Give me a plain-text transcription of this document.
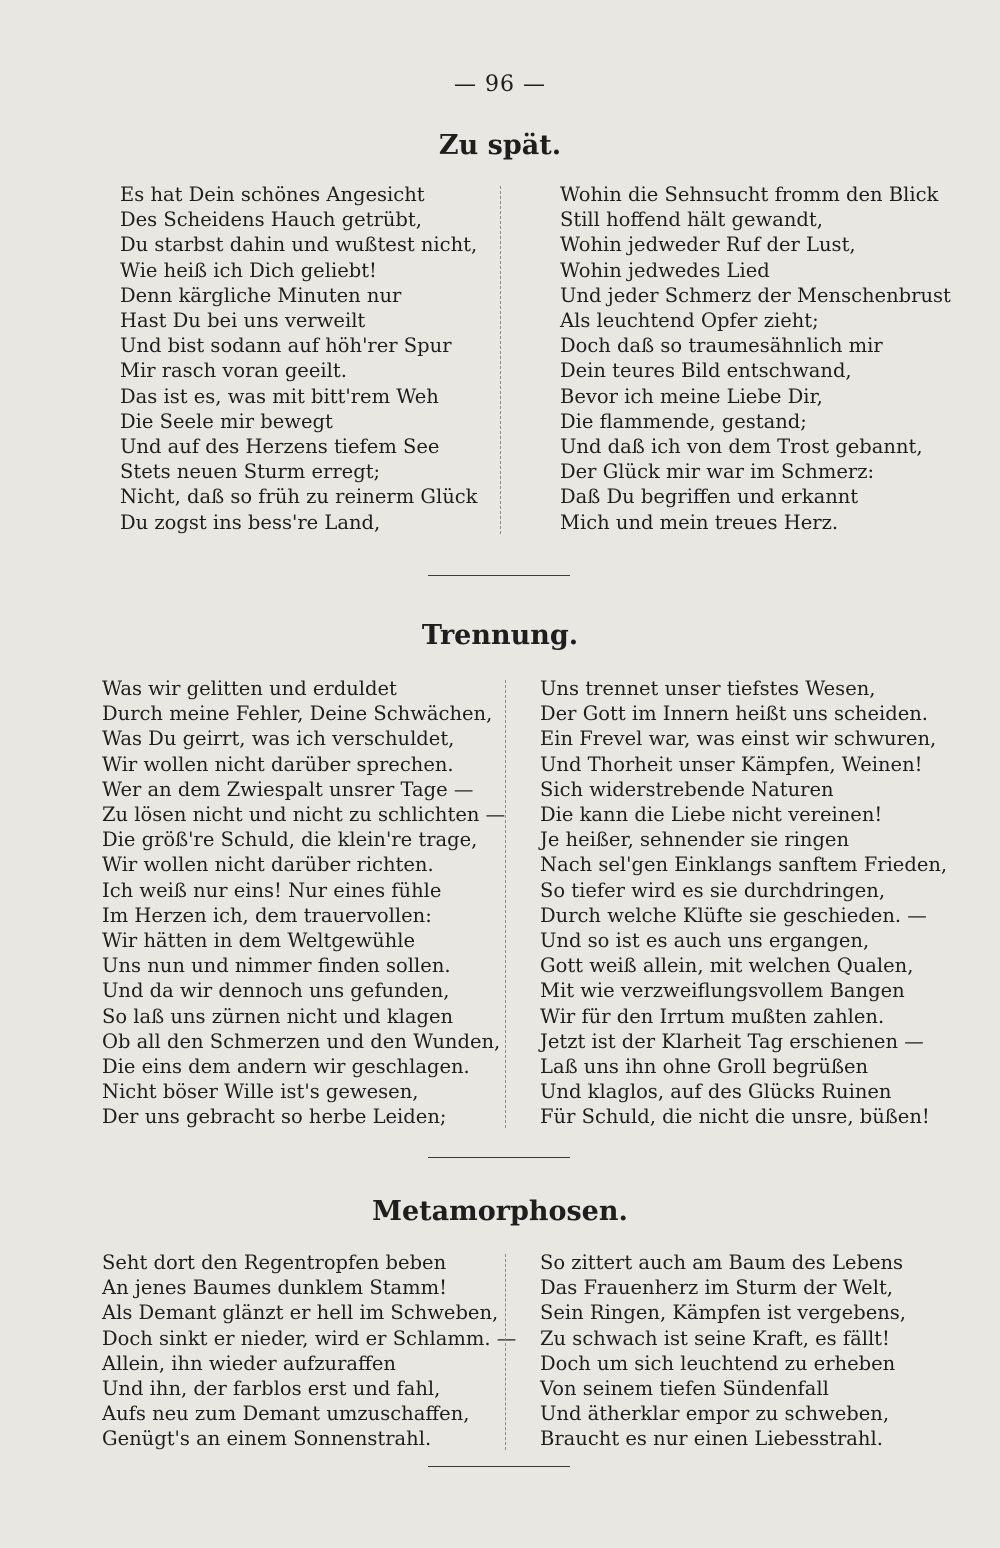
— 96 —
Zu spät.
Es hat Dein schönes Angesicht
Des Scheidens Hauch getrübt,
Du starbst dahin und wußtest nicht,
Wie heiß ich Dich geliebt!
Denn kärgliche Minuten nur
Hast Du bei uns verweilt
Und bist sodann auf höh'rer Spur
Mir rasch voran geeilt.
Das ist es, was mit bitt'rem Weh
Die Seele mir bewegt
Und auf des Herzens tiefem See
Stets neuen Sturm erregt;
Nicht, daß so früh zu reinerm Glück
Du zogst ins bess're Land,
Wohin die Sehnsucht fromm den Blick
Still hoffend hält gewandt,
Wohin jedweder Ruf der Lust,
Wohin jedwedes Lied
Und jeder Schmerz der Menschenbrust
Als leuchtend Opfer zieht;
Doch daß so traumesähnlich mir
Dein teures Bild entschwand,
Bevor ich meine Liebe Dir,
Die flammende, gestand;
Und daß ich von dem Trost gebannt,
Der Glück mir war im Schmerz:
Daß Du begriffen und erkannt
Mich und mein treues Herz.
Trennung.
Was wir gelitten und erduldet
Durch meine Fehler, Deine Schwächen,
Was Du geirrt, was ich verschuldet,
Wir wollen nicht darüber sprechen.
Wer an dem Zwiespalt unsrer Tage —
Zu lösen nicht und nicht zu schlichten —
Die größ're Schuld, die klein're trage,
Wir wollen nicht darüber richten.
Ich weiß nur eins! Nur eines fühle
Im Herzen ich, dem trauervollen:
Wir hätten in dem Weltgewühle
Uns nun und nimmer finden sollen.
Und da wir dennoch uns gefunden,
So laß uns zürnen nicht und klagen
Ob all den Schmerzen und den Wunden,
Die eins dem andern wir geschlagen.
Nicht böser Wille ist's gewesen,
Der uns gebracht so herbe Leiden;
Uns trennet unser tiefstes Wesen,
Der Gott im Innern heißt uns scheiden.
Ein Frevel war, was einst wir schwuren,
Und Thorheit unser Kämpfen, Weinen!
Sich widerstrebende Naturen
Die kann die Liebe nicht vereinen!
Je heißer, sehnender sie ringen
Nach sel'gen Einklangs sanftem Frieden,
So tiefer wird es sie durchdringen,
Durch welche Klüfte sie geschieden. —
Und so ist es auch uns ergangen,
Gott weiß allein, mit welchen Qualen,
Mit wie verzweiflungsvollem Bangen
Wir für den Irrtum mußten zahlen.
Jetzt ist der Klarheit Tag erschienen —
Laß uns ihn ohne Groll begrüßen
Und klaglos, auf des Glücks Ruinen
Für Schuld, die nicht die unsre, büßen!
Metamorphosen.
Seht dort den Regentropfen beben
An jenes Baumes dunklem Stamm!
Als Demant glänzt er hell im Schweben,
Doch sinkt er nieder, wird er Schlamm. —
Allein, ihn wieder aufzuraffen
Und ihn, der farblos erst und fahl,
Aufs neu zum Demant umzuschaffen,
Genügt's an einem Sonnenstrahl.
So zittert auch am Baum des Lebens
Das Frauenherz im Sturm der Welt,
Sein Ringen, Kämpfen ist vergebens,
Zu schwach ist seine Kraft, es fällt!
Doch um sich leuchtend zu erheben
Von seinem tiefen Sündenfall
Und ätherklar empor zu schweben,
Braucht es nur einen Liebesstrahl.
